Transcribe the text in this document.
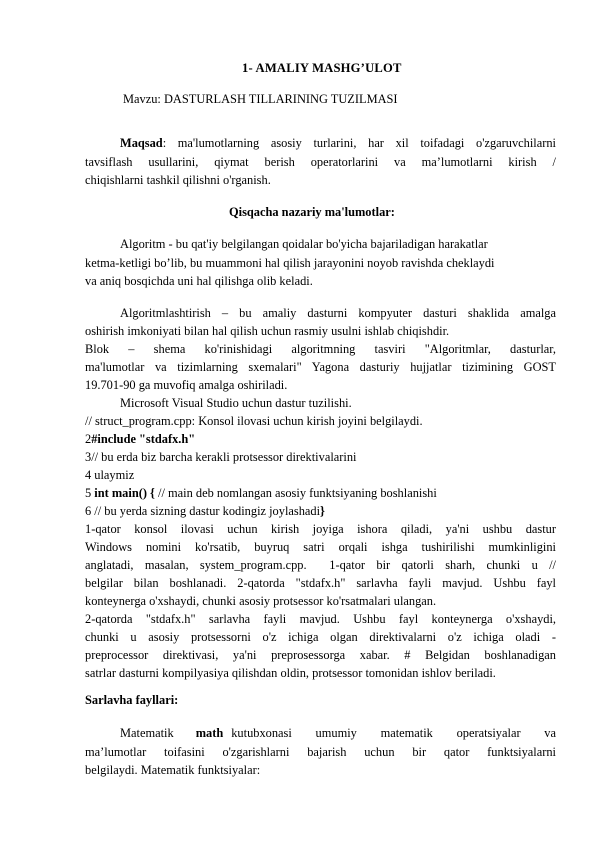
1- AMALIY MASHG’ULOT
Mavzu: DASTURLASH TILLARINING TUZILMASI
Maqsad: ma'lumotlarning asosiy turlarini, har xil toifadagi o'zgaruvchilarni
tavsiflash usullarini, qiymat berish operatorlarini va ma’lumotlarni kirish /
chiqishlarni tashkil qilishni o'rganish.
Qisqacha nazariy ma'lumotlar:
Algoritm - bu qat'iy belgilangan qoidalar bo'yicha bajariladigan harakatlar
ketma-ketligi bo’lib, bu muammoni hal qilish jarayonini noyob ravishda cheklaydi
va aniq bosqichda uni hal qilishga olib keladi.
Algoritmlashtirish – bu amaliy dasturni kompyuter dasturi shaklida amalga
oshirish imkoniyati bilan hal qilish uchun rasmiy usulni ishlab chiqishdir.
Blok – shema ko'rinishidagi algoritmning tasviri "Algoritmlar, dasturlar,
ma'lumotlar va tizimlarning sxemalari" Yagona dasturiy hujjatlar tizimining GOST
19.701-90 ga muvofiq amalga oshiriladi.
Microsoft Visual Studio uchun dastur tuzilishi.
// struct_program.cpp: Konsol ilovasi uchun kirish joyini belgilaydi.
2#include "stdafx.h"
3// bu erda biz barcha kerakli protsessor direktivalarini
4 ulaymiz
5 int main() { // main deb nomlangan asosiy funktsiyaning boshlanishi
6 // bu yerda sizning dastur kodingiz joylashadi}
1-qator konsol ilovasi uchun kirish joyiga ishora qiladi, ya'ni ushbu dastur
Windows nomini ko'rsatib, buyruq satri orqali ishga tushirilishi mumkinligini
anglatadi, masalan, system_program.cpp.  1-qator bir qatorli sharh, chunki u //
belgilar bilan boshlanadi. 2-qatorda "stdafx.h" sarlavha fayli mavjud. Ushbu fayl
konteynerga o'xshaydi, chunki asosiy protsessor ko'rsatmalari ulangan.
2-qatorda "stdafx.h" sarlavha fayli mavjud. Ushbu fayl konteynerga o'xshaydi,
chunki u asosiy protsessorni o'z ichiga olgan direktivalarni o'z ichiga oladi -
preprocessor direktivasi, ya'ni preprosessorga xabar. # Belgidan boshlanadigan
satrlar dasturni kompilyasiya qilishdan oldin, protsessor tomonidan ishlov beriladi.
Sarlavha fayllari:
Matematik math kutubxonasi umumiy matematik operatsiyalar va
ma’lumotlar toifasini o'zgarishlarni bajarish uchun bir qator funktsiyalarni
belgilaydi. Matematik funktsiyalar:
